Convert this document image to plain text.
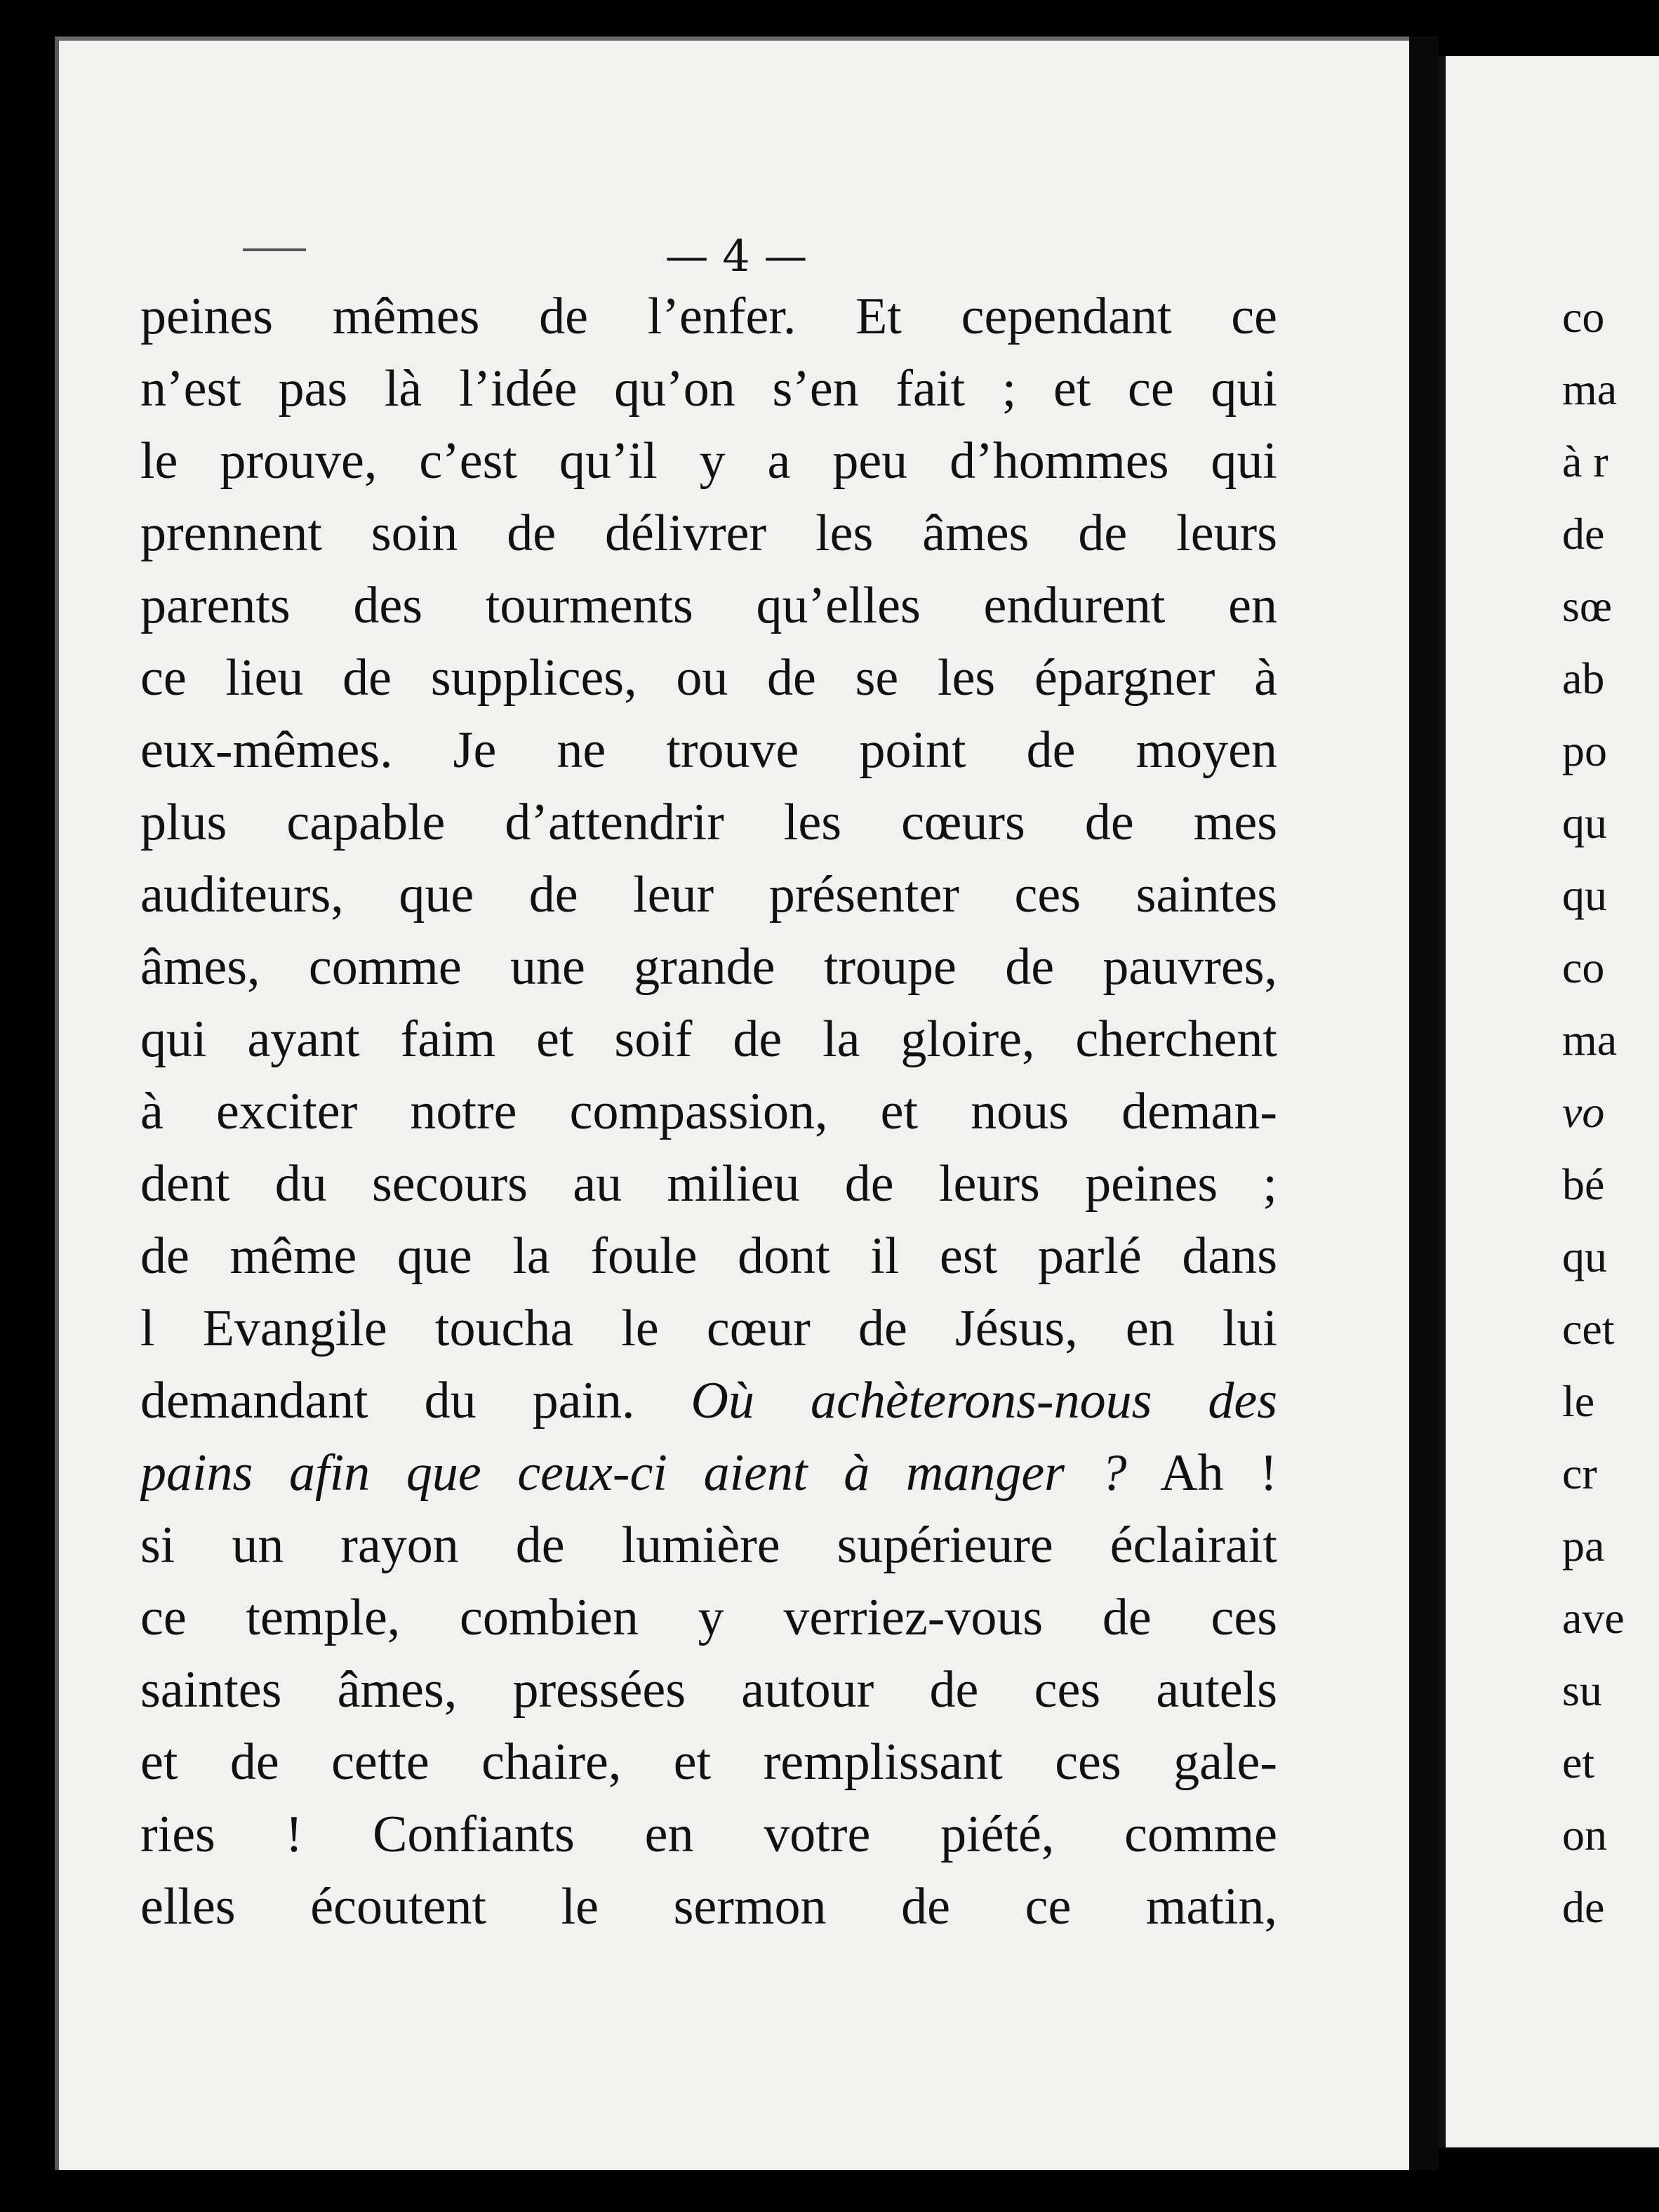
— 4 —
peines mêmes de l’enfer. Et cependant ce
n’est pas là l’idée qu’on s’en fait ; et ce qui
le prouve, c’est qu’il y a peu d’hommes qui
prennent soin de délivrer les âmes de leurs
parents des tourments qu’elles endurent en
ce lieu de supplices, ou de se les épargner à
eux-mêmes. Je ne trouve point de moyen
plus capable d’attendrir les cœurs de mes
auditeurs, que de leur présenter ces saintes
âmes, comme une grande troupe de pauvres,
qui ayant faim et soif de la gloire, cherchent
à exciter notre compassion, et nous deman-
dent du secours au milieu de leurs peines ;
de même que la foule dont il est parlé dans
l Evangile toucha le cœur de Jésus, en lui
demandant du pain. Où achèterons-nous des
pains afin que ceux-ci aient à manger ? Ah !
si un rayon de lumière supérieure éclairait
ce temple, combien y verriez-vous de ces
saintes âmes, pressées autour de ces autels
et de cette chaire, et remplissant ces gale-
ries ! Confiants en votre piété, comme
elles écoutent le sermon de ce matin,
co
ma
à r
de
sœ
ab
po
qu
qu
co
ma
vo
bé
qu
cet
le
cr
pa
ave
su
et
on
de
